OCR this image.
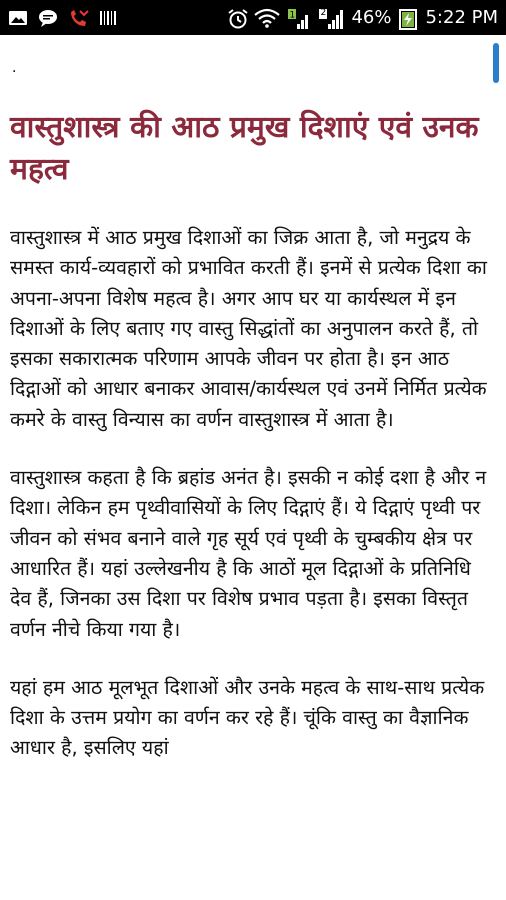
1	2 46% 5:22 PM
.
वास्तुशास्त्र की आठ प्रमुख दिशाएं एवं उनक महत्व

वास्तुशास्त्र में आठ प्रमुख दिशाओं का जिक्र आता है, जो मनुद्रय के समस्त कार्य-व्यवहारों को प्रभावित करती हैं। इनमें से प्रत्येक दिशा का अपना-अपना विशेष महत्व है। अगर आप घर या कार्यस्थल में इन दिशाओं के लिए बताए गए वास्तु सिद्धांतों का अनुपालन करते हैं, तो इसका सकारात्मक परिणाम आपके जीवन पर होता है। इन आठ दिद्गाओं को आधार बनाकर आवास/कार्यस्थल एवं उनमें निर्मित प्रत्येक कमरे के वास्तु विन्यास का वर्णन वास्तुशास्त्र में आता है।

वास्तुशास्त्र कहता है कि ब्रहांड अनंत है। इसकी न कोई दशा है और न दिशा। लेकिन हम पृथ्वीवासियों के लिए दिद्गाएं हैं। ये दिद्गाएं पृथ्वी पर जीवन को संभव बनाने वाले गृह सूर्य एवं पृथ्वी के चुम्बकीय क्षेत्र पर आधारित हैं। यहां उल्लेखनीय है कि आठों मूल दिद्गाओं के प्रतिनिधि देव हैं, जिनका उस दिशा पर विशेष प्रभाव पड़ता है। इसका विस्तृत वर्णन नीचे किया गया है।

यहां हम आठ मूलभूत दिशाओं और उनके महत्व के साथ-साथ प्रत्येक दिशा के उत्तम प्रयोग का वर्णन कर रहे हैं। चूंकि वास्तु का वैज्ञानिक आधार है, इसलिए यहां
